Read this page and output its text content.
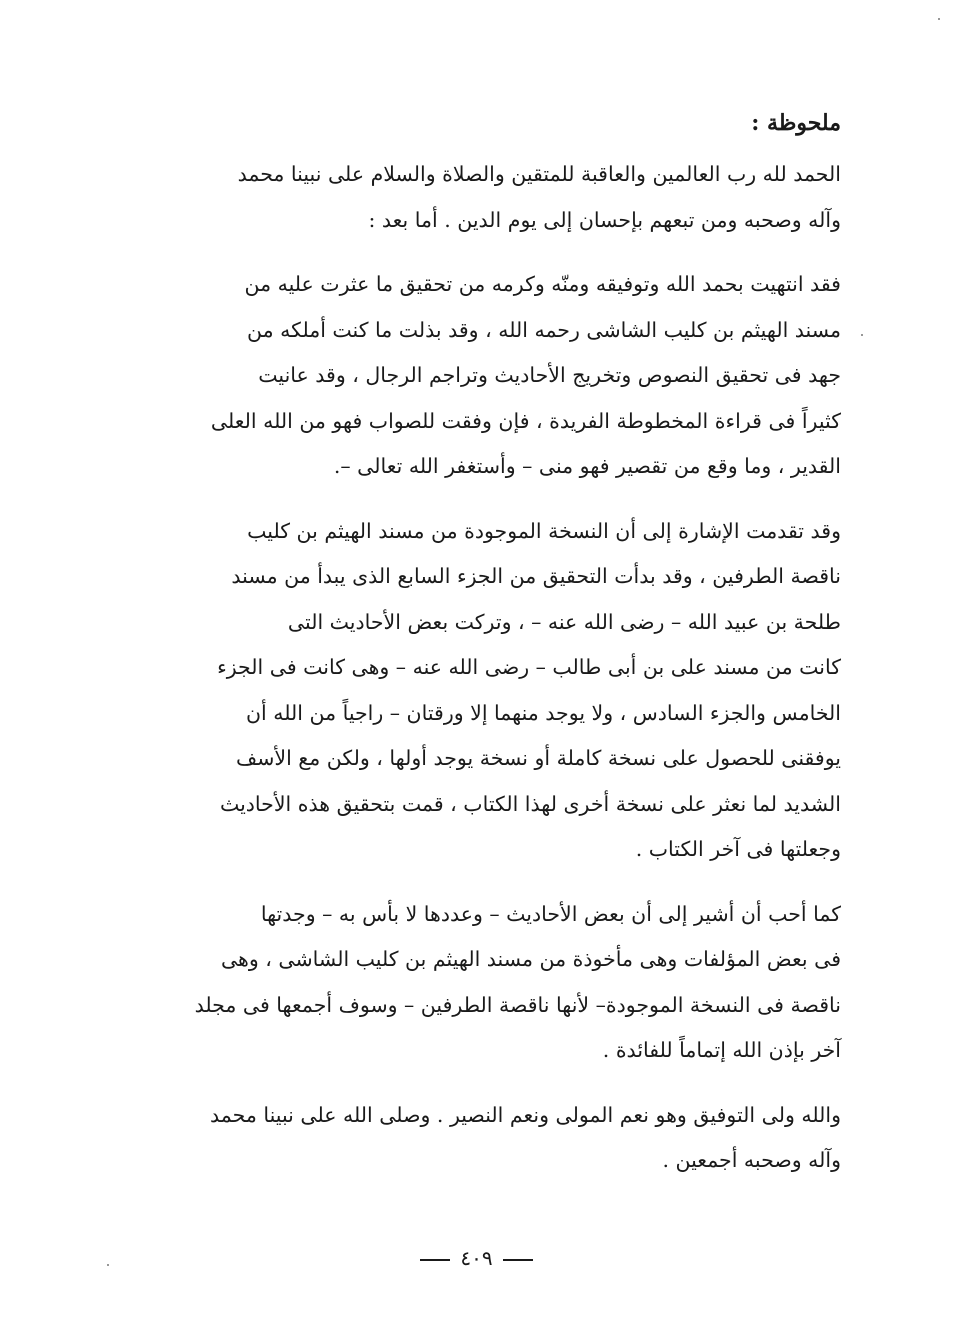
ملحوظة :

الحمد لله رب العالمين والعاقبة للمتقين والصلاة والسلام على نبينا محمد
وآله وصحبه ومن تبعهم بإحسان إلى يوم الدين . أما بعد :

فقد انتهيت بحمد الله وتوفيقه ومنّه وكرمه من تحقيق ما عثرت عليه من
مسند الهيثم بن كليب الشاشى رحمه الله ، وقد بذلت ما كنت أملكه من
جهد فى تحقيق النصوص وتخريج الأحاديث وتراجم الرجال ، وقد عانيت
كثيراً فى قراءة المخطوطة الفريدة ، فإن وفقت للصواب فهو من الله العلى
القدير ، وما وقع من تقصير فهو منى – وأستغفر الله تعالى –.

وقد تقدمت الإشارة إلى أن النسخة الموجودة من مسند الهيثم بن كليب
ناقصة الطرفين ، وقد بدأت التحقيق من الجزء السابع الذى يبدأ من مسند
طلحة بن عبيد الله – رضى الله عنه – ، وتركت بعض الأحاديث التى
كانت من مسند على بن أبى طالب – رضى الله عنه – وهى كانت فى الجزء
الخامس والجزء السادس ، ولا يوجد منهما إلا ورقتان – راجياً من الله أن
يوفقنى للحصول على نسخة كاملة أو نسخة يوجد أولها ، ولكن مع الأسف
الشديد لما نعثر على نسخة أخرى لهذا الكتاب ، قمت بتحقيق هذه الأحاديث
وجعلتها فى آخر الكتاب .

كما أحب أن أشير إلى أن بعض الأحاديث – وعددها لا بأس به – وجدتها
فى بعض المؤلفات وهى مأخوذة من مسند الهيثم بن كليب الشاشى ، وهى
ناقصة فى النسخة الموجودة– لأنها ناقصة الطرفين – وسوف أجمعها فى مجلد
آخر بإذن الله إتماماً للفائدة .

والله ولى التوفيق وهو نعم المولى ونعم النصير . وصلى الله على نبينا محمد
وآله وصحبه أجمعين .

٤٠٩
